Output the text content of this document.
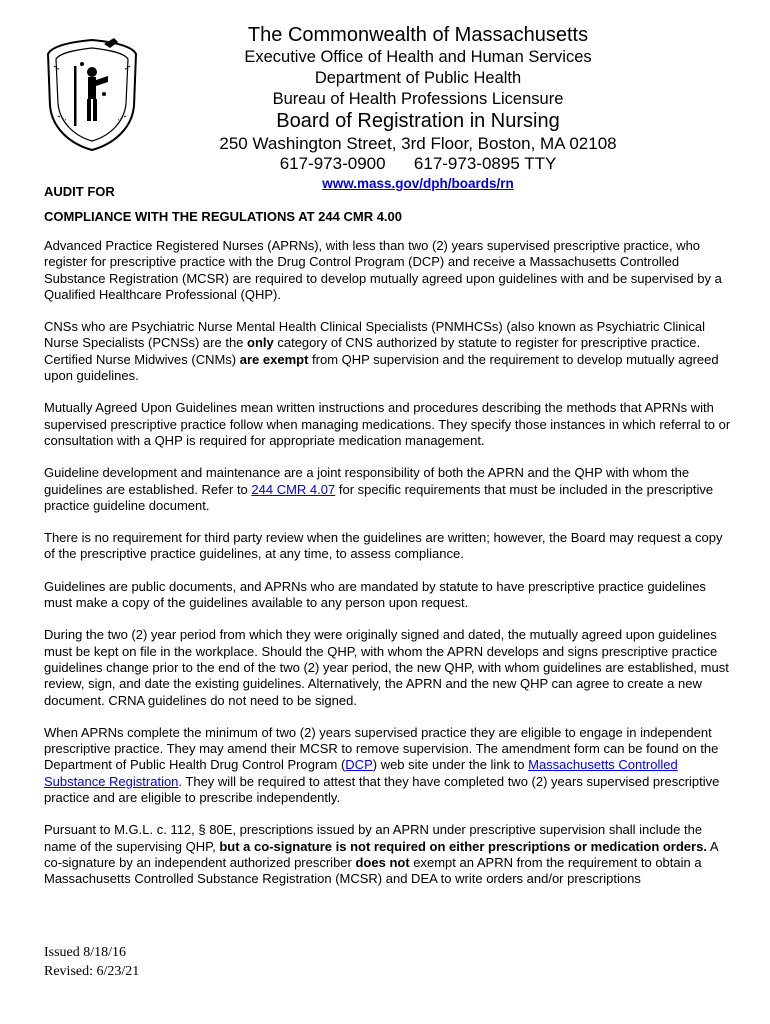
The Commonwealth of Massachusetts
Executive Office of Health and Human Services
Department of Public Health
Bureau of Health Professions Licensure
Board of Registration in Nursing
250 Washington Street, 3rd Floor, Boston, MA 02108
617-973-0900 617-973-0895 TTY
www.mass.gov/dph/boards/rn
AUDIT FOR
COMPLIANCE WITH THE REGULATIONS AT 244 CMR 4.00

Advanced Practice Registered Nurses (APRNs), with less than two (2) years supervised prescriptive practice, who register for prescriptive practice with the Drug Control Program (DCP) and receive a Massachusetts Controlled Substance Registration (MCSR) are required to develop mutually agreed upon guidelines with and be supervised by a Qualified Healthcare Professional (QHP).

CNSs who are Psychiatric Nurse Mental Health Clinical Specialists (PNMHCSs) (also known as Psychiatric Clinical Nurse Specialists (PCNSs) are the only category of CNS authorized by statute to register for prescriptive practice. Certified Nurse Midwives (CNMs) are exempt from QHP supervision and the requirement to develop mutually agreed upon guidelines.

Mutually Agreed Upon Guidelines mean written instructions and procedures describing the methods that APRNs with supervised prescriptive practice follow when managing medications. They specify those instances in which referral to or consultation with a QHP is required for appropriate medication management.

Guideline development and maintenance are a joint responsibility of both the APRN and the QHP with whom the guidelines are established. Refer to 244 CMR 4.07 for specific requirements that must be included in the prescriptive practice guideline document.

There is no requirement for third party review when the guidelines are written; however, the Board may request a copy of the prescriptive practice guidelines, at any time, to assess compliance.

Guidelines are public documents, and APRNs who are mandated by statute to have prescriptive practice guidelines must make a copy of the guidelines available to any person upon request.

During the two (2) year period from which they were originally signed and dated, the mutually agreed upon guidelines must be kept on file in the workplace. Should the QHP, with whom the APRN develops and signs prescriptive practice guidelines change prior to the end of the two (2) year period, the new QHP, with whom guidelines are established, must review, sign, and date the existing guidelines. Alternatively, the APRN and the new QHP can agree to create a new document. CRNA guidelines do not need to be signed.

When APRNs complete the minimum of two (2) years supervised practice they are eligible to engage in independent prescriptive practice. They may amend their MCSR to remove supervision. The amendment form can be found on the Department of Public Health Drug Control Program (DCP) web site under the link to Massachusetts Controlled Substance Registration. They will be required to attest that they have completed two (2) years supervised prescriptive practice and are eligible to prescribe independently.

Pursuant to M.G.L. c. 112, § 80E, prescriptions issued by an APRN under prescriptive supervision shall include the name of the supervising QHP, but a co-signature is not required on either prescriptions or medication orders. A co-signature by an independent authorized prescriber does not exempt an APRN from the requirement to obtain a Massachusetts Controlled Substance Registration (MCSR) and DEA to write orders and/or prescriptions

Issued 8/18/16
Revised: 6/23/21
